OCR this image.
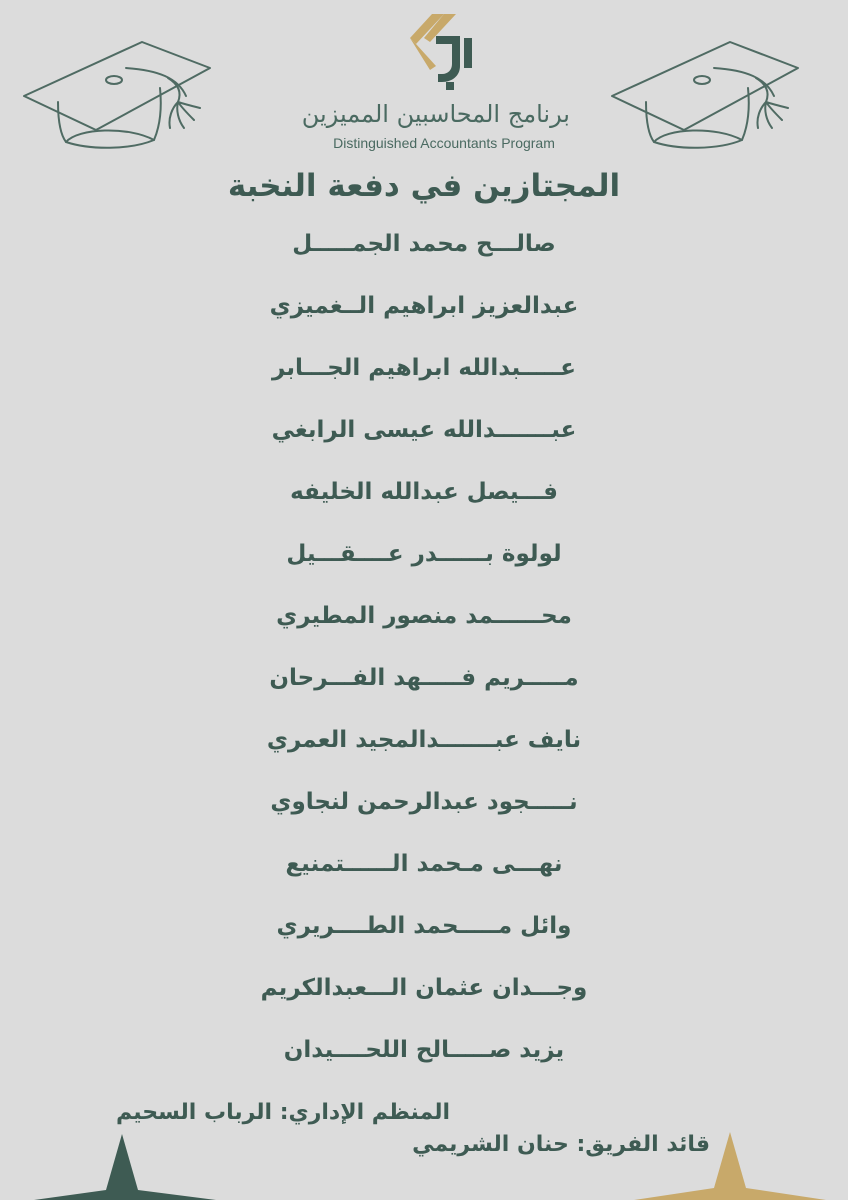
برنامج المحاسبين المميزين
Distinguished Accountants Program
المجتازين في دفعة النخبة
صالـــح محمد الجمـــــل
عبدالعزيز ابراهيم الــغميزي
عـــــبدالله ابراهيم الجـــابر
عبـــــــدالله عيسى الرابغي
فـــيصل عبدالله الخليفه
لولوة بــــــدر عــــقـــيل
محــــــمد منصور المطيري
مـــــريم فـــــهد الفـــرحان
نايف عبـــــــدالمجيد العمري
نـــــجود عبدالرحمن لنجاوي
نهـــى مـحمد الــــــتمنيع
وائل مـــــحمد الطــــريري
وجـــدان عثمان الـــعبدالكريم
يزيد صـــــالح اللحــــيدان
المنظم الإداري: الرباب السحيم
قائد الفريق: حنان الشريمي
